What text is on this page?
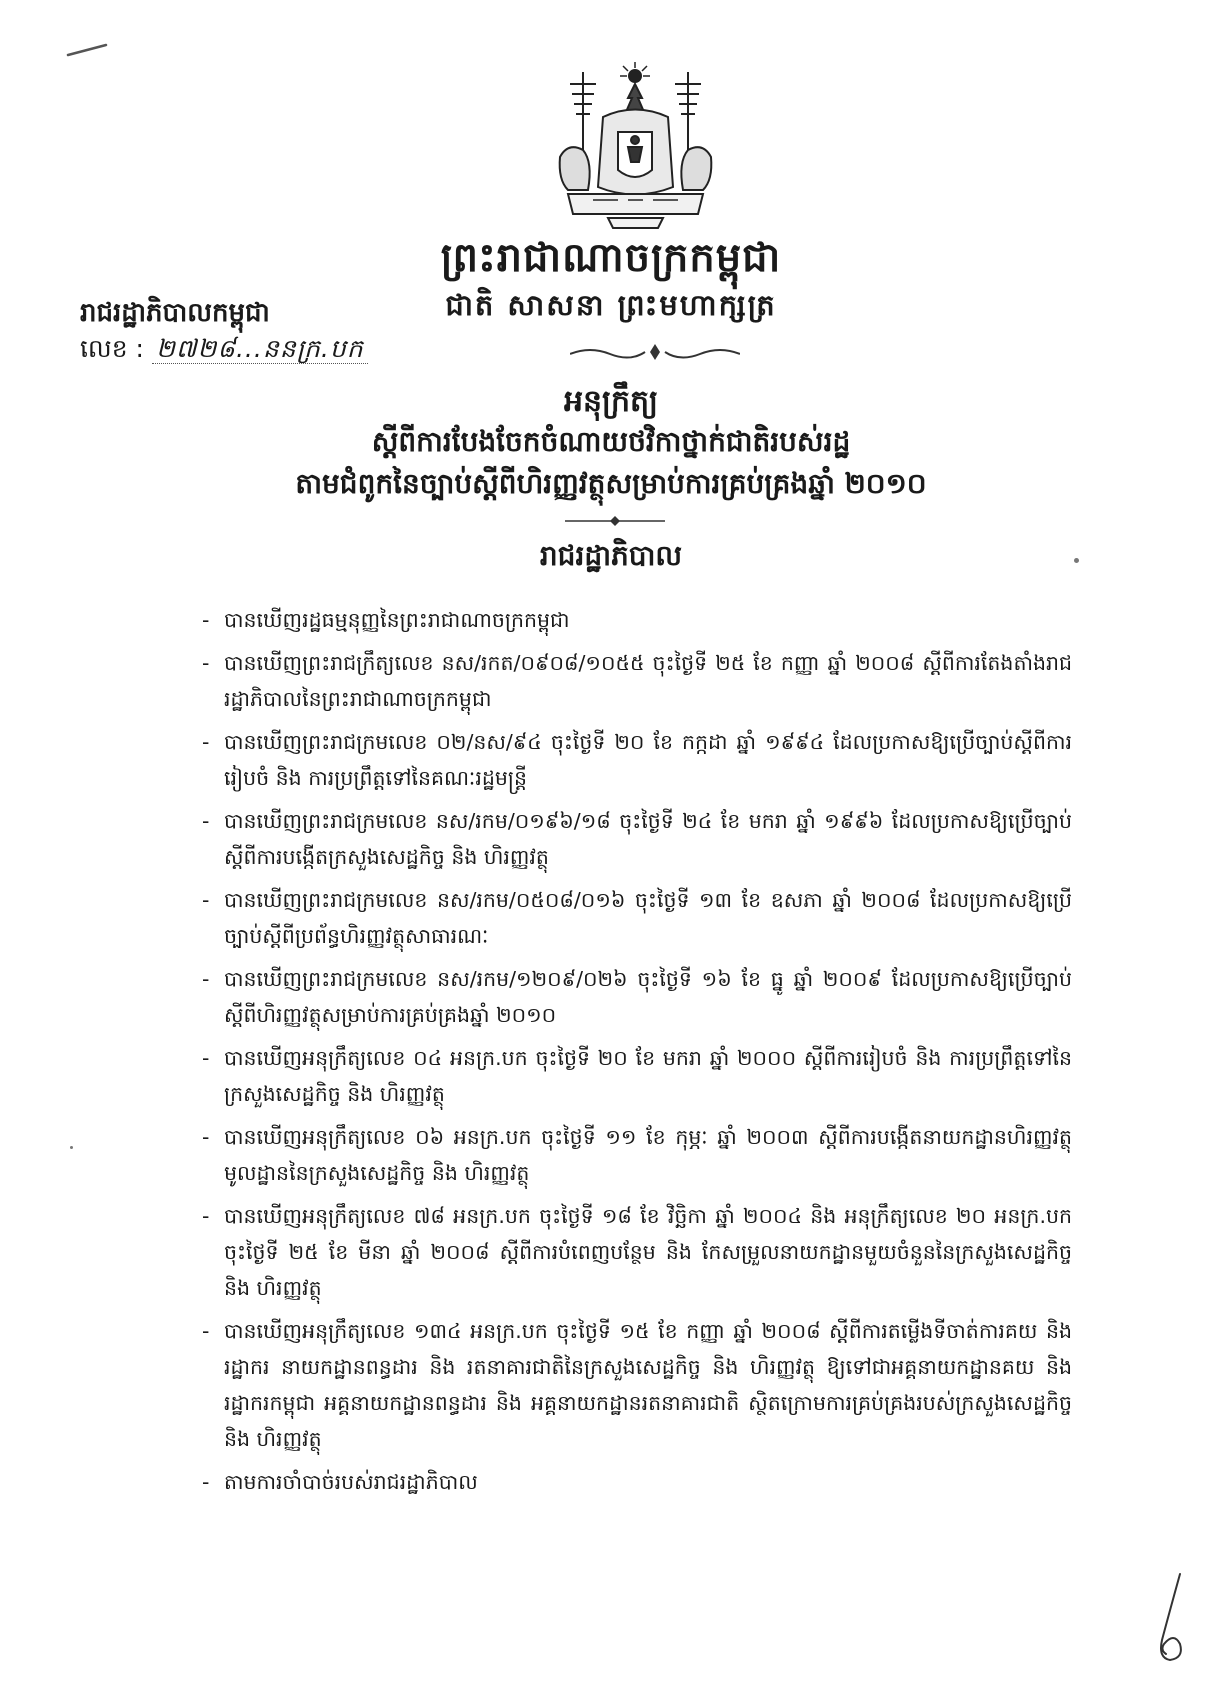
ព្រះរាជាណាចក្រកម្ពុជា
ជាតិ សាសនា ព្រះមហាក្សត្រ
រាជរដ្ឋាភិបាលកម្ពុជា
លេខ : ២៧២៨...ននក្រ.បក
អនុក្រឹត្យ
ស្តីពីការបែងចែកចំណាយថវិកាថ្នាក់ជាតិរបស់រដ្ឋ
តាមជំពូកនៃច្បាប់ស្តីពីហិរញ្ញវត្ថុសម្រាប់ការគ្រប់គ្រងឆ្នាំ ២០១០
រាជរដ្ឋាភិបាល
- បានឃើញរដ្ឋធម្មនុញ្ញនៃព្រះរាជាណាចក្រកម្ពុជា
- បានឃើញព្រះរាជក្រឹត្យលេខ នស/រកត/០៩០៨/១០៥៥ ចុះថ្ងៃទី ២៥ ខែ កញ្ញា ឆ្នាំ ២០០៨ ស្តីពីការតែងតាំងរាជរដ្ឋាភិបាលនៃព្រះរាជាណាចក្រកម្ពុជា
- បានឃើញព្រះរាជក្រមលេខ ០២/នស/៩៤ ចុះថ្ងៃទី ២០ ខែ កក្កដា ឆ្នាំ ១៩៩៤ ដែលប្រកាសឱ្យប្រើច្បាប់ស្តីពីការរៀបចំ និង ការប្រព្រឹត្តទៅនៃគណៈរដ្ឋមន្ត្រី
- បានឃើញព្រះរាជក្រមលេខ នស/រកម/០១៩៦/១៨ ចុះថ្ងៃទី ២៤ ខែ មករា ឆ្នាំ ១៩៩៦ ដែលប្រកាសឱ្យប្រើច្បាប់ស្តីពីការបង្កើតក្រសួងសេដ្ឋកិច្ច និង ហិរញ្ញវត្ថុ
- បានឃើញព្រះរាជក្រមលេខ នស/រកម/០៥០៨/០១៦ ចុះថ្ងៃទី ១៣ ខែ ឧសភា ឆ្នាំ ២០០៨ ដែលប្រកាសឱ្យប្រើច្បាប់ស្តីពីប្រព័ន្ធហិរញ្ញវត្ថុសាធារណៈ
- បានឃើញព្រះរាជក្រមលេខ នស/រកម/១២០៩/០២៦ ចុះថ្ងៃទី ១៦ ខែ ធ្នូ ឆ្នាំ ២០០៩ ដែលប្រកាសឱ្យប្រើច្បាប់ស្តីពីហិរញ្ញវត្ថុសម្រាប់ការគ្រប់គ្រងឆ្នាំ ២០១០
- បានឃើញអនុក្រឹត្យលេខ ០៤ អនក្រ.បក ចុះថ្ងៃទី ២០ ខែ មករា ឆ្នាំ ២០០០ ស្តីពីការរៀបចំ និង ការប្រព្រឹត្តទៅនៃក្រសួងសេដ្ឋកិច្ច និង ហិរញ្ញវត្ថុ
- បានឃើញអនុក្រឹត្យលេខ ០៦ អនក្រ.បក ចុះថ្ងៃទី ១១ ខែ កុម្ភៈ ឆ្នាំ ២០០៣ ស្តីពីការបង្កើតនាយកដ្ឋានហិរញ្ញវត្ថុមូលដ្ឋាននៃក្រសួងសេដ្ឋកិច្ច និង ហិរញ្ញវត្ថុ
- បានឃើញអនុក្រឹត្យលេខ ៧៨ អនក្រ.បក ចុះថ្ងៃទី ១៨ ខែ វិច្ឆិកា ឆ្នាំ ២០០៤ និង អនុក្រឹត្យលេខ ២០ អនក្រ.បក ចុះថ្ងៃទី ២៥ ខែ មីនា ឆ្នាំ ២០០៨ ស្តីពីការបំពេញបន្ថែម និង កែសម្រួលនាយកដ្ឋានមួយចំនួននៃក្រសួងសេដ្ឋកិច្ច និង ហិរញ្ញវត្ថុ
- បានឃើញអនុក្រឹត្យលេខ ១៣៤ អនក្រ.បក ចុះថ្ងៃទី ១៥ ខែ កញ្ញា ឆ្នាំ ២០០៨ ស្តីពីការតម្លើងទីចាត់ការគយ និង រដ្ឋាករ នាយកដ្ឋានពន្ធដារ និង រតនាគារជាតិនៃក្រសួងសេដ្ឋកិច្ច និង ហិរញ្ញវត្ថុ ឱ្យទៅជាអគ្គនាយកដ្ឋានគយ និង រដ្ឋាករកម្ពុជា អគ្គនាយកដ្ឋានពន្ធដារ និង អគ្គនាយកដ្ឋានរតនាគារជាតិ ស្ថិតក្រោមការគ្រប់គ្រងរបស់ក្រសួងសេដ្ឋកិច្ច និង ហិរញ្ញវត្ថុ
- តាមការចាំបាច់របស់រាជរដ្ឋាភិបាល
